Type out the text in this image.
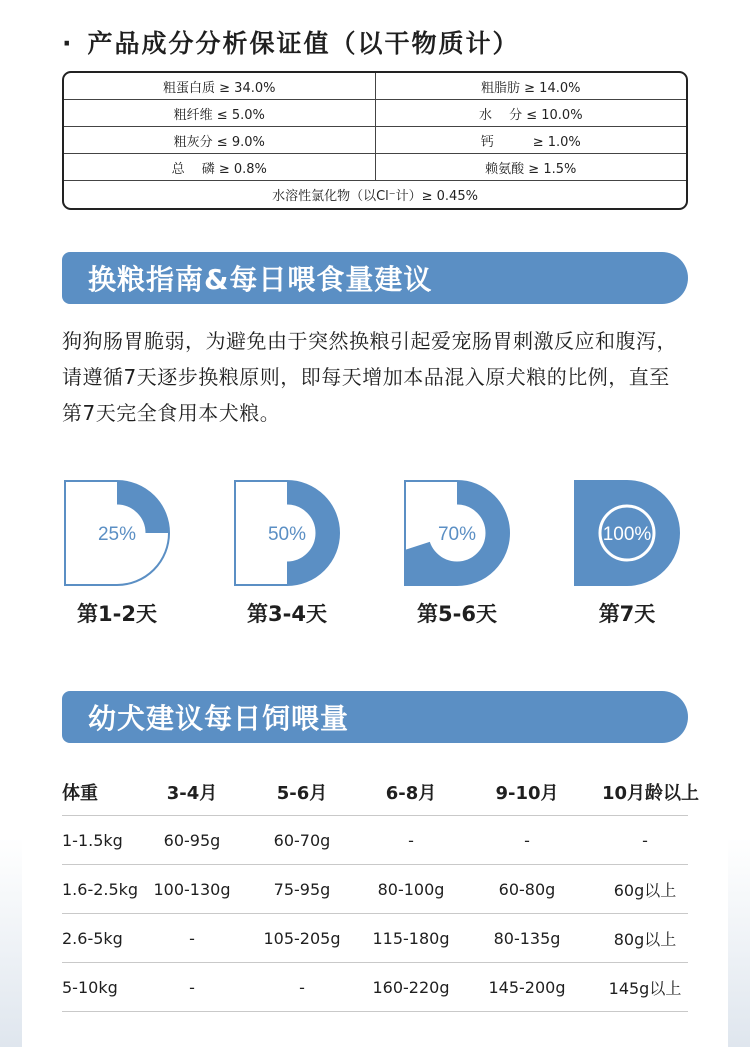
· 产品成分分析保证值（以干物质计）
粗蛋白质 ≥ 34.0%	粗脂肪 ≥ 14.0%
粗纤维 ≤ 5.0%	水　 分 ≤ 10.0%
粗灰分 ≤ 9.0%	钙　　　≥ 1.0%
总　 磷 ≥ 0.8%	赖氨酸 ≥ 1.5%
水溶性氯化物（以Cl⁻计）≥ 0.45%
换粮指南&每日喂食量建议
狗狗肠胃脆弱，为避免由于突然换粮引起爱宠肠胃刺激反应和腹泻，请遵循7天逐步换粮原则，即每天增加本品混入原犬粮的比例，直至第7天完全食用本犬粮。
25%	50%	70%	100%
第1-2天	第3-4天	第5-6天	第7天
幼犬建议每日饲喂量
体重	3-4月	5-6月	6-8月	9-10月	10月龄以上
1-1.5kg	60-95g	60-70g	-	-	-
1.6-2.5kg 100-130g	75-95g	80-100g	60-80g	60g以上
2.6-5kg	-	105-205g	115-180g	80-135g	80g以上
5-10kg	-	-	160-220g	145-200g	145g以上
